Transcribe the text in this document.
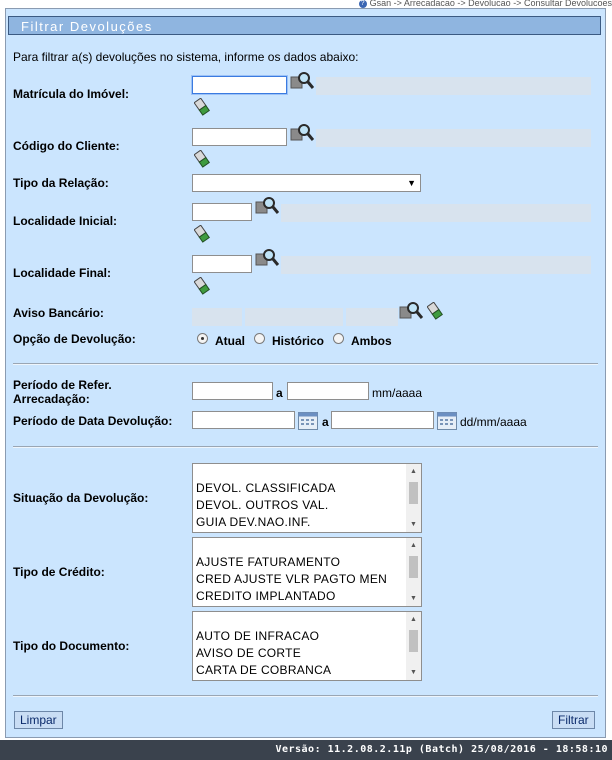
? Gsan -> Arrecadacao -> Devolucao -> Consultar Devolucoes
Filtrar Devoluções
Para filtrar a(s) devoluções no sistema, informe os dados abaixo:
Matrícula do Imóvel:
Código do Cliente:
Tipo da Relação:	▼
Localidade Inicial:
Localidade Final:
Aviso Bancário:
Opção de Devolução:	Atual Histórico Ambos
Período de Refer.
Arrecadação:	a	mm/aaaa
Período de Data Devolução:	a	dd/mm/aaaa
Situação da Devolução:
DEVOL. CLASSIFICADA
DEVOL. OUTROS VAL.
GUIA DEV.NAO.INF.
▲
▼
Tipo de Crédito:
AJUSTE FATURAMENTO
CRED AJUSTE VLR PAGTO MEN
CREDITO IMPLANTADO
▲
▼
Tipo do Documento:
AUTO DE INFRACAO
AVISO DE CORTE
CARTA DE COBRANCA
▲
▼
Limpar	Filtrar
Versão: 11.2.08.2.11p (Batch) 25/08/2016 - 18:58:10
